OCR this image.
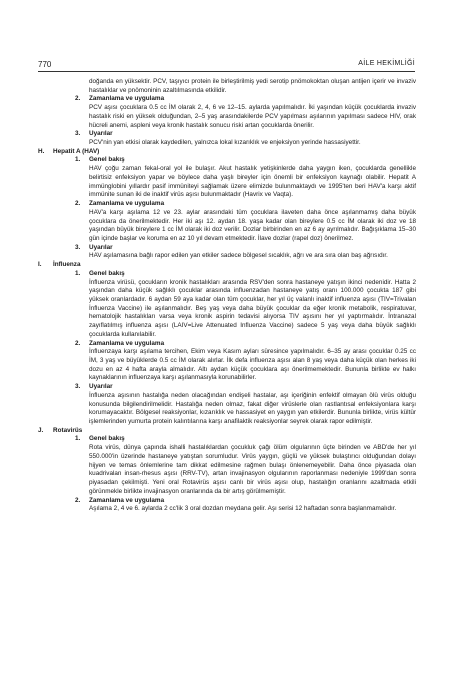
770	AİLE HEKİMLİĞİ
doğanda en yüksektir. PCV, taşıyıcı protein ile birleştirilmiş yedi serotip pnömokoktan oluşan antijen içerir ve invaziv hastalıklar ve pnömoninin azaltılmasında etkilidir.
2. Zamanlama ve uygulama
PCV aşısı çocuklara 0.5 cc İM olarak 2, 4, 6 ve 12–15. aylarda yapılmalıdır. İki yaşından küçük çocuklarda invaziv hastalık riski en yüksek olduğundan, 2–5 yaş arasındakilerde PCV yapılması aşılarının yapılması sadece HIV, orak hücreli anemi, aspleni veya kronik hastalık sonucu riski artan çocuklarda önerilir.
3. Uyarılar
PCV'nin yan etkisi olarak kaydedilen, yalnızca lokal kızarıklık ve enjeksiyon yerinde hassasiyettir.
H. Hepatit A (HAV)
1. Genel bakış
HAV çoğu zaman fekal-oral yol ile bulaşır. Akut hastalık yetişkinlerde daha yaygın iken, çocuklarda genellikle belirtisiz enfeksiyon yapar ve böylece daha yaşlı bireyler için önemli bir enfeksiyon kaynağı olabilir. Hepatit A immünglobini yıllardır pasif immüniteyi sağlamak üzere elimizde bulunmaktaydı ve 1995'ten beri HAV'a karşı aktif immünite sunan iki de inaktif virüs aşısı bulunmaktadır (Havrix ve Vaqta).
2. Zamanlama ve uygulama
HAV'a karşı aşılama 12 ve 23. aylar arasındaki tüm çocuklara ilaveten daha önce aşılanmamış daha büyük çocuklara da önerilmektedir. Her iki aşı 12. aydan 18. yaşa kadar olan bireylere 0.5 cc İM olarak iki doz ve 18 yaşından büyük bireylere 1 cc İM olarak iki doz verilir. Dozlar birbirinden en az 6 ay ayrılmalıdır. Bağışıklama 15–30 gün içinde başlar ve koruma en az 10 yıl devam etmektedir. İlave dozlar (rapel doz) önerilmez.
3. Uyarılar
HAV aşılamasına bağlı rapor edilen yan etkiler sadece bölgesel sıcaklık, ağrı ve ara sıra olan baş ağrısıdır.
I. İnfluenza
1. Genel bakış
İnfluenza virüsü, çocukların kronik hastalıkları arasında RSV'den sonra hastaneye yatışın ikinci nedenidir. Hatta 2 yaşından daha küçük sağlıklı çocuklar arasında influenzadan hastaneye yatış oranı 100.000 çocukta 187 gibi yüksek oranlardadır. 6 aydan 59 aya kadar olan tüm çocuklar, her yıl üç valanlı inaktif influenza aşısı (TIV=Trivalan İnfluenza Vaccine) ile aşılanmalıdır. Beş yaş veya daha büyük çocuklar da eğer kronik metabolik, respiratuvar, hematolojik hastalıkları varsa veya kronik aspirin tedavisi alıyorsa TIV aşısını her yıl yaptırmalıdır. İntranazal zayıflatılmış influenza aşısı (LAIV=Live Attenuated Influenza Vaccine) sadece 5 yaş veya daha büyük sağlıklı çocuklarda kullanılabilir.
2. Zamanlama ve uygulama
İnfluenzaya karşı aşılama tercihen, Ekim veya Kasım ayları süresince yapılmalıdır. 6–35 ay arası çocuklar 0.25 cc İM, 3 yaş ve büyüklerde 0.5 cc İM olarak alırlar. İlk defa influenza aşısı alan 8 yaş veya daha küçük olan herkes iki dozu en az 4 hafta arayla almalıdır. Altı aydan küçük çocuklara aşı önerilmemektedir. Bununla birlikte ev halkı kaynaklarının influenzaya karşı aşılanmasıyla korunabilirler.
3. Uyarılar
İnfluenza aşısının hastalığa neden olacağından endişeli hastalar, aşı içeriğinin enfektif olmayan ölü virüs olduğu konusunda bilgilendirilmelidir. Hastalığa neden olmaz, fakat diğer virüslerle olan rastlantısal enfeksiyonlara karşı korumayacaktır. Bölgesel reaksiyonlar, kızarıklık ve hassasiyet en yaygın yan etkilerdir. Bununla birlikte, virüs kültür işlemlerinden yumurta protein kalıntılarına karşı anafilaktik reaksiyonlar seyrek olarak rapor edilmiştir.
J. Rotavirüs
1. Genel bakış
Rota virüs, dünya çapında ishalli hastalıklardan çocukluk çağı ölüm olgularının üçte birinden ve ABD'de her yıl 550.000'in üzerinde hastaneye yatıştan sorumludur. Virüs yaygın, güçlü ve yüksek bulaştırıcı olduğundan dolayı hijyen ve temas önlemlerine tam dikkat edilmesine rağmen bulaşı önlenemeyebilir. Daha önce piyasada olan kuadrivalan insan-rhesus aşısı (RRV-TV), artan invajinasyon olgularının raporlanması nedeniyle 1999'dan sonra piyasadan çekilmişti. Yeni oral Rotavirüs aşısı canlı bir virüs aşısı olup, hastalığın oranlarını azaltmada etkili görünmekle birlikte invajinasyon oranlarında da bir artış görülmemiştir.
2. Zamanlama ve uygulama
Aşılama 2, 4 ve 6. aylarda 2 cc'lik 3 oral dozdan meydana gelir. Aşı serisi 12 haftadan sonra başlanmamalıdır.
